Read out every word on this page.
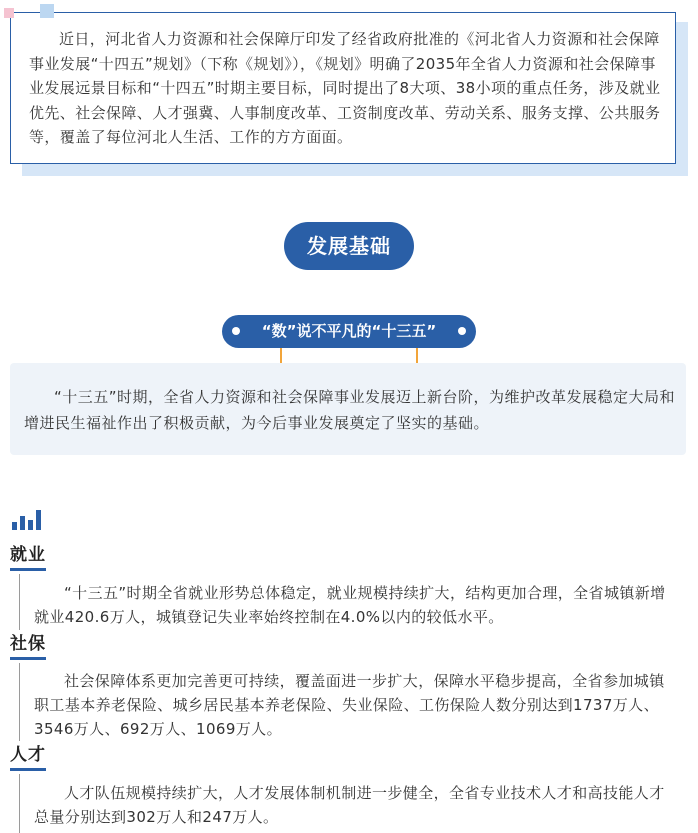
近日，河北省人力资源和社会保障厅印发了经省政府批准的《河北省人力资源和社会保障事业发展“十四五”规划》（下称《规划》），《规划》明确了2035年全省人力资源和社会保障事业发展远景目标和“十四五”时期主要目标，同时提出了8大项、38小项的重点任务，涉及就业优先、社会保障、人才强冀、人事制度改革、工资制度改革、劳动关系、服务支撑、公共服务等，覆盖了每位河北人生活、工作的方方面面。

发展基础
“数”说不平凡的“十三五”

“十三五”时期，全省人力资源和社会保障事业发展迈上新台阶，为维护改革发展稳定大局和增进民生福祉作出了积极贡献，为今后事业发展奠定了坚实的基础。

就业

“十三五”时期全省就业形势总体稳定，就业规模持续扩大，结构更加合理，全省城镇新增就业420.6万人，城镇登记失业率始终控制在4.0%以内的较低水平。

社保

社会保障体系更加完善更可持续，覆盖面进一步扩大，保障水平稳步提高，全省参加城镇职工基本养老保险、城乡居民基本养老保险、失业保险、工伤保险人数分别达到1737万人、3546万人、692万人、1069万人。

人才

人才队伍规模持续扩大，人才发展体制机制进一步健全，全省专业技术人才和高技能人才总量分别达到302万人和247万人。
